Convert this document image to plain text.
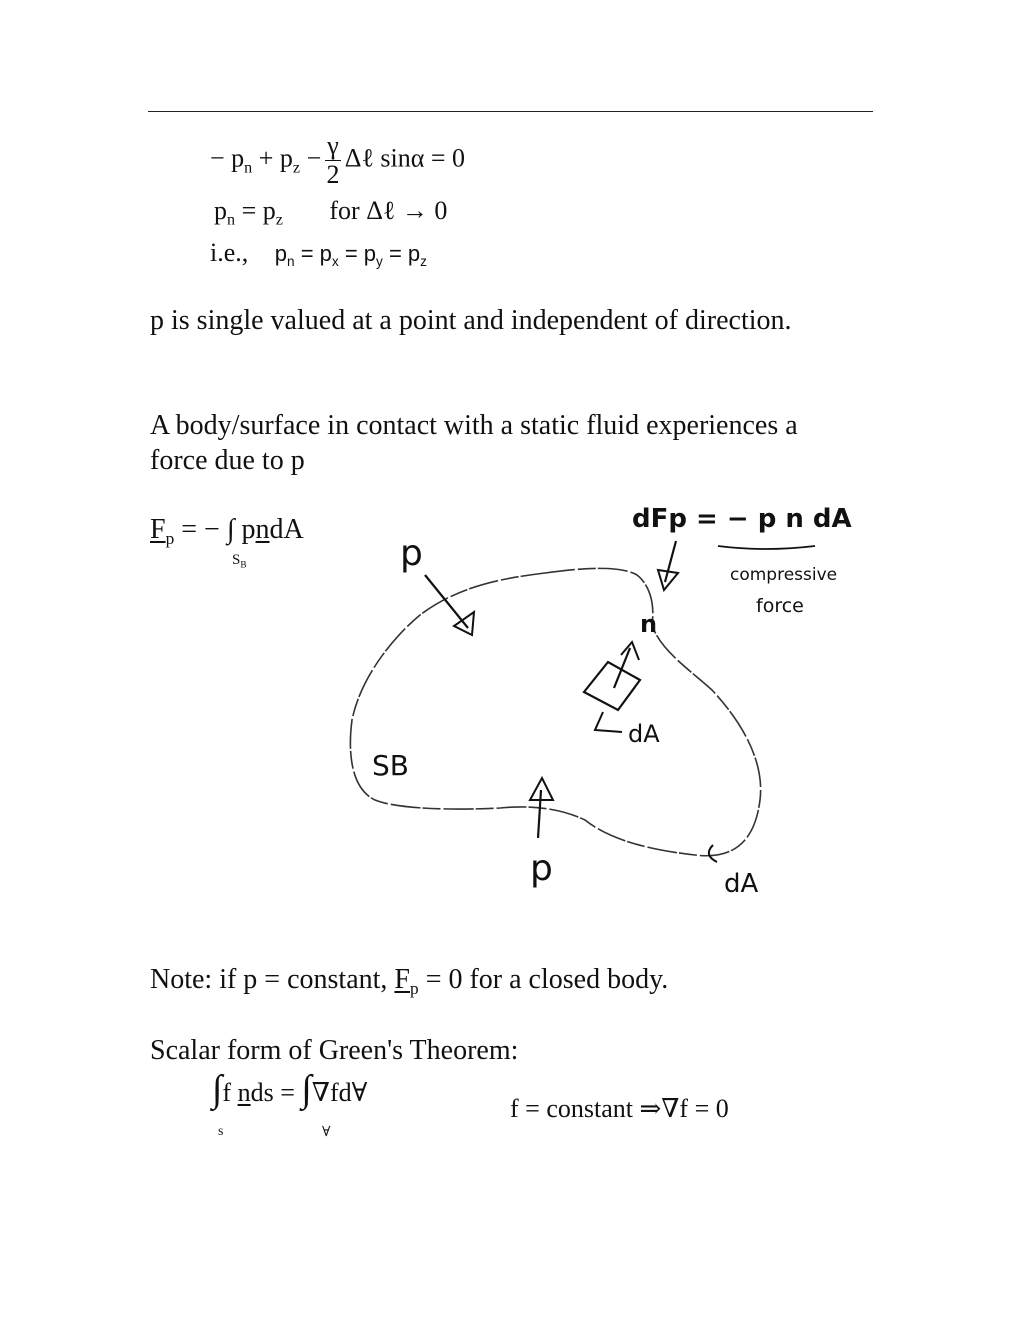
− $p_n + p_z - \frac{\gamma}{2}$ Δℓ sinα = 0
$p_n = p_z$ for Δℓ → 0
i.e., $p_n = p_x = p_y = p_z$
p is single valued at a point and independent of direction.
A body/surface in contact with a static fluid experiences a
force due to p
$F_p$ = − ∫ pndA
$S_B$
dFp = − p n dA
compressive
force
p
p
n
dA
SB
dA
Note: if p = constant, $F_p = 0$ for a closed body.
Scalar form of Green's Theorem:
∫f nds = ∫∇fd∀
s	∀
f = constant ⇒∇f = 0
